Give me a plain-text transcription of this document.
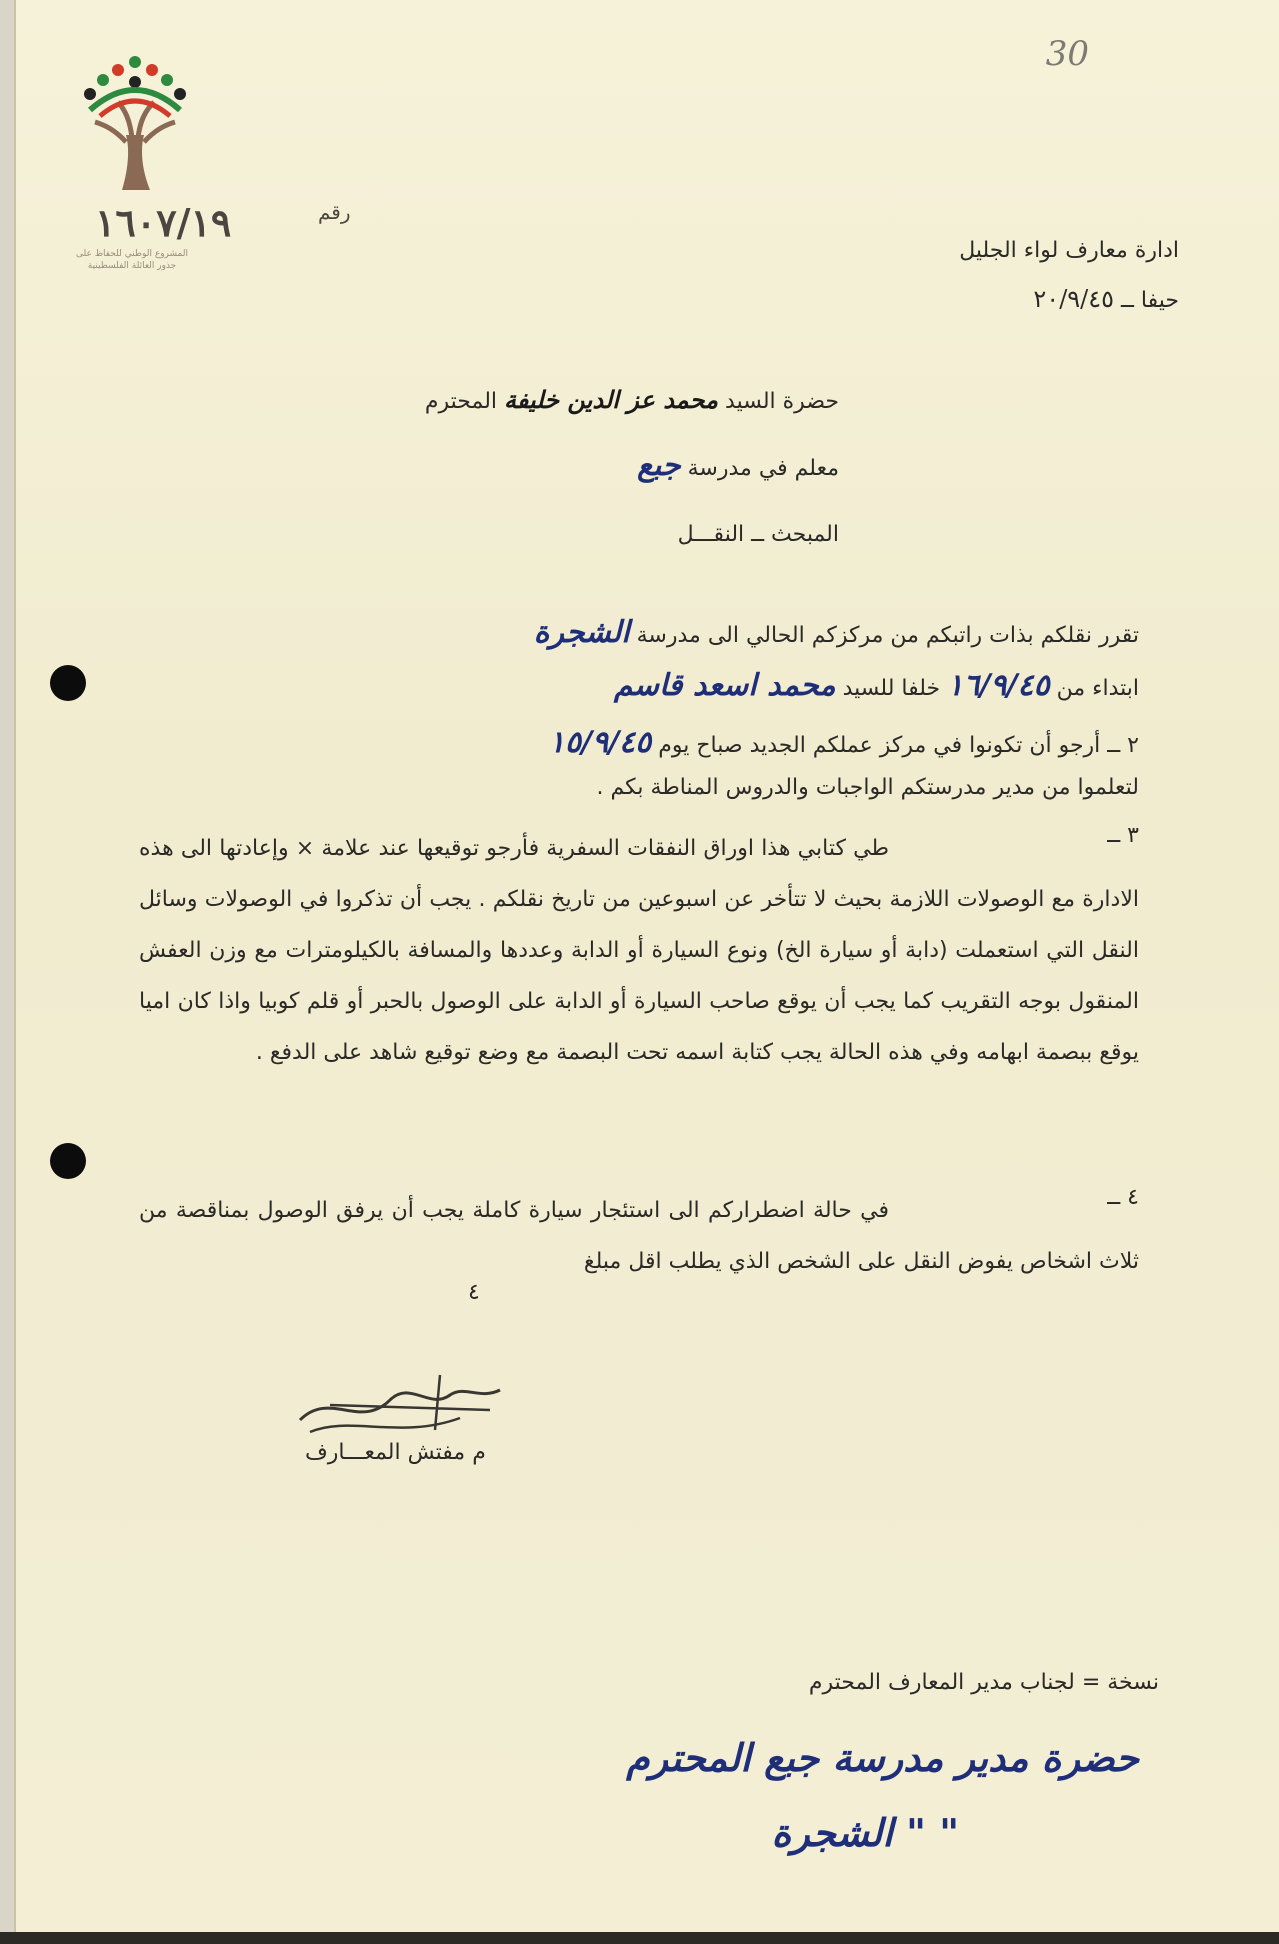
30
المشروع الوطني للحفاظ على
جذور العائلة الفلسطينية
١٦٠٧/١٩	رقم
ادارة معارف لواء الجليل
حيفا ــ ٢٠/٩/٤٥
حضرة السيد محمد عز الدين خليفة المحترم
معلم في مدرسة جبع
المبحث ــ النقـــل
تقرر نقلكم بذات راتبكم من مركزكم الحالي الى مدرسة الشجرة
ابتداء من ١٦/٩/٤٥ خلفا للسيد محمد اسعد قاسم
٢ ــ أرجو أن تكونوا في مركز عملكم الجديد صباح يوم ١٥/٩/٤٥
لتعلموا من مدير مدرستكم الواجبات والدروس المناطة بكم .
٣ ــ
طي كتابي هذا اوراق النفقات السفرية فأرجو توقيعها عند علامة × وإعادتها الى هذه الادارة مع الوصولات اللازمة بحيث لا تتأخر عن اسبوعين من تاريخ نقلكم . يجب أن تذكروا في الوصولات وسائل النقل التي استعملت (دابة أو سيارة الخ) ونوع السيارة أو الدابة وعددها والمسافة بالكيلومترات مع وزن العفش المنقول بوجه التقريب كما يجب أن يوقع صاحب السيارة أو الدابة على الوصول بالحبر أو قلم كوبيا واذا كان اميا يوقع ببصمة ابهامه وفي هذه الحالة يجب كتابة اسمه تحت البصمة مع وضع توقيع شاهد على الدفع .
٤ ــ
في حالة اضطراركم الى استئجار سيارة كاملة يجب أن يرفق الوصول بمناقصة من ثلاث اشخاص يفوض النقل على الشخص الذي يطلب اقل مبلغ
٤
م مفتش المعـــارف
نسخة = لجناب مدير المعارف المحترم
حضرة مدير مدرسة جبع المحترم
" " الشجرة
